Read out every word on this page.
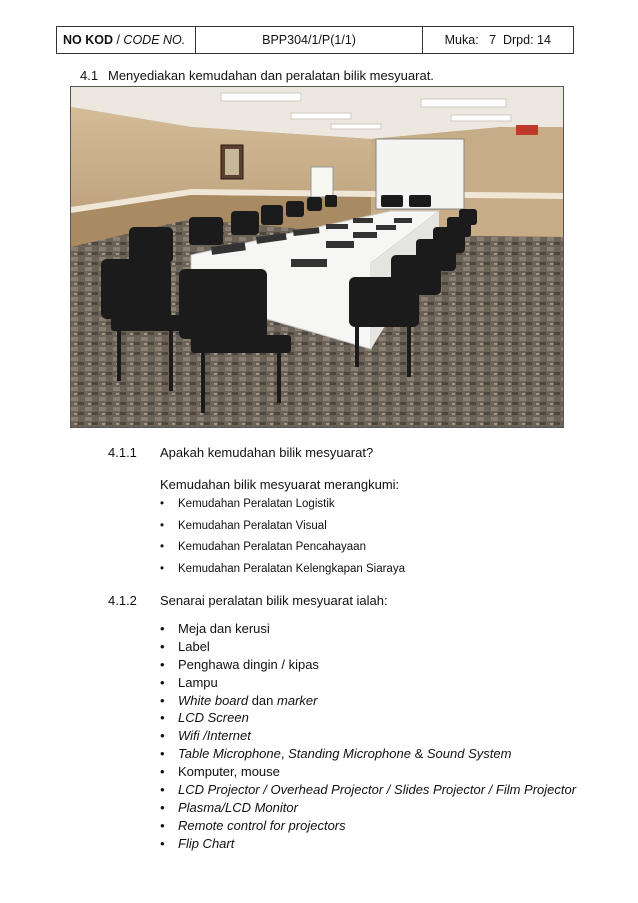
NO KOD / CODE NO.	BPP304/1/P(1/1)	Muka:   7  Drpd: 14
4.1 Menyediakan kemudahan dan peralatan bilik mesyuarat.
4.1.1 Apakah kemudahan bilik mesyuarat?
Kemudahan bilik mesyuarat merangkumi:
• Kemudahan Peralatan Logistik
• Kemudahan Peralatan Visual
• Kemudahan Peralatan Pencahayaan
• Kemudahan Peralatan Kelengkapan Siaraya
4.1.2 Senarai peralatan bilik mesyuarat ialah:
• Meja dan kerusi
• Label
• Penghawa dingin / kipas
• Lampu
• White board dan marker
• LCD Screen
• Wifi /Internet
• Table Microphone, Standing Microphone & Sound System
• Komputer, mouse
• LCD Projector / Overhead Projector / Slides Projector / Film Projector
• Plasma/LCD Monitor
• Remote control for projectors
• Flip Chart
